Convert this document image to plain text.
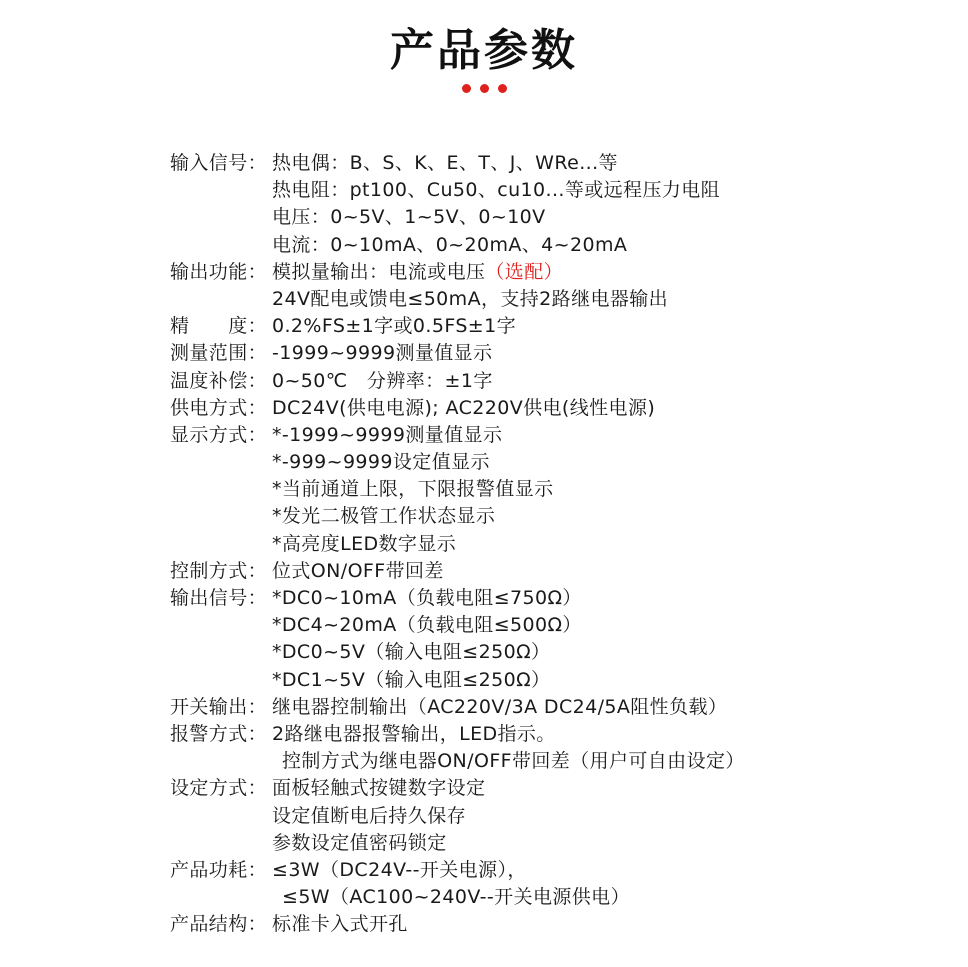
产品参数
输入信号： 热电偶：B、S、K、E、T、J、WRe...等
热电阻：pt100、Cu50、cu10...等或远程压力电阻
电压：0~5V、1~5V、0~10V
电流：0~10mA、0~20mA、4~20mA
输出功能： 模拟量输出：电流或电压（选配）
24V配电或馈电≤50mA，支持2路继电器输出
精　　度： 0.2%FS±1字或0.5FS±1字
测量范围： -1999~9999测量值显示
温度补偿： 0~50℃　分辨率：±1字
供电方式： DC24V(供电电源); AC220V供电(线性电源)
显示方式： *-1999~9999测量值显示
*-999~9999设定值显示
*当前通道上限，下限报警值显示
*发光二极管工作状态显示
*高亮度LED数字显示
控制方式： 位式ON/OFF带回差
输出信号： *DC0~10mA（负载电阻≤750Ω）
*DC4~20mA（负载电阻≤500Ω）
*DC0~5V（输入电阻≤250Ω）
*DC1~5V（输入电阻≤250Ω）
开关输出： 继电器控制输出（AC220V/3A DC24/5A阻性负载）
报警方式： 2路继电器报警输出，LED指示。
控制方式为继电器ON/OFF带回差（用户可自由设定）
设定方式： 面板轻触式按键数字设定
设定值断电后持久保存
参数设定值密码锁定
产品功耗： ≤3W（DC24V--开关电源），
≤5W（AC100~240V--开关电源供电）
产品结构： 标准卡入式开孔
